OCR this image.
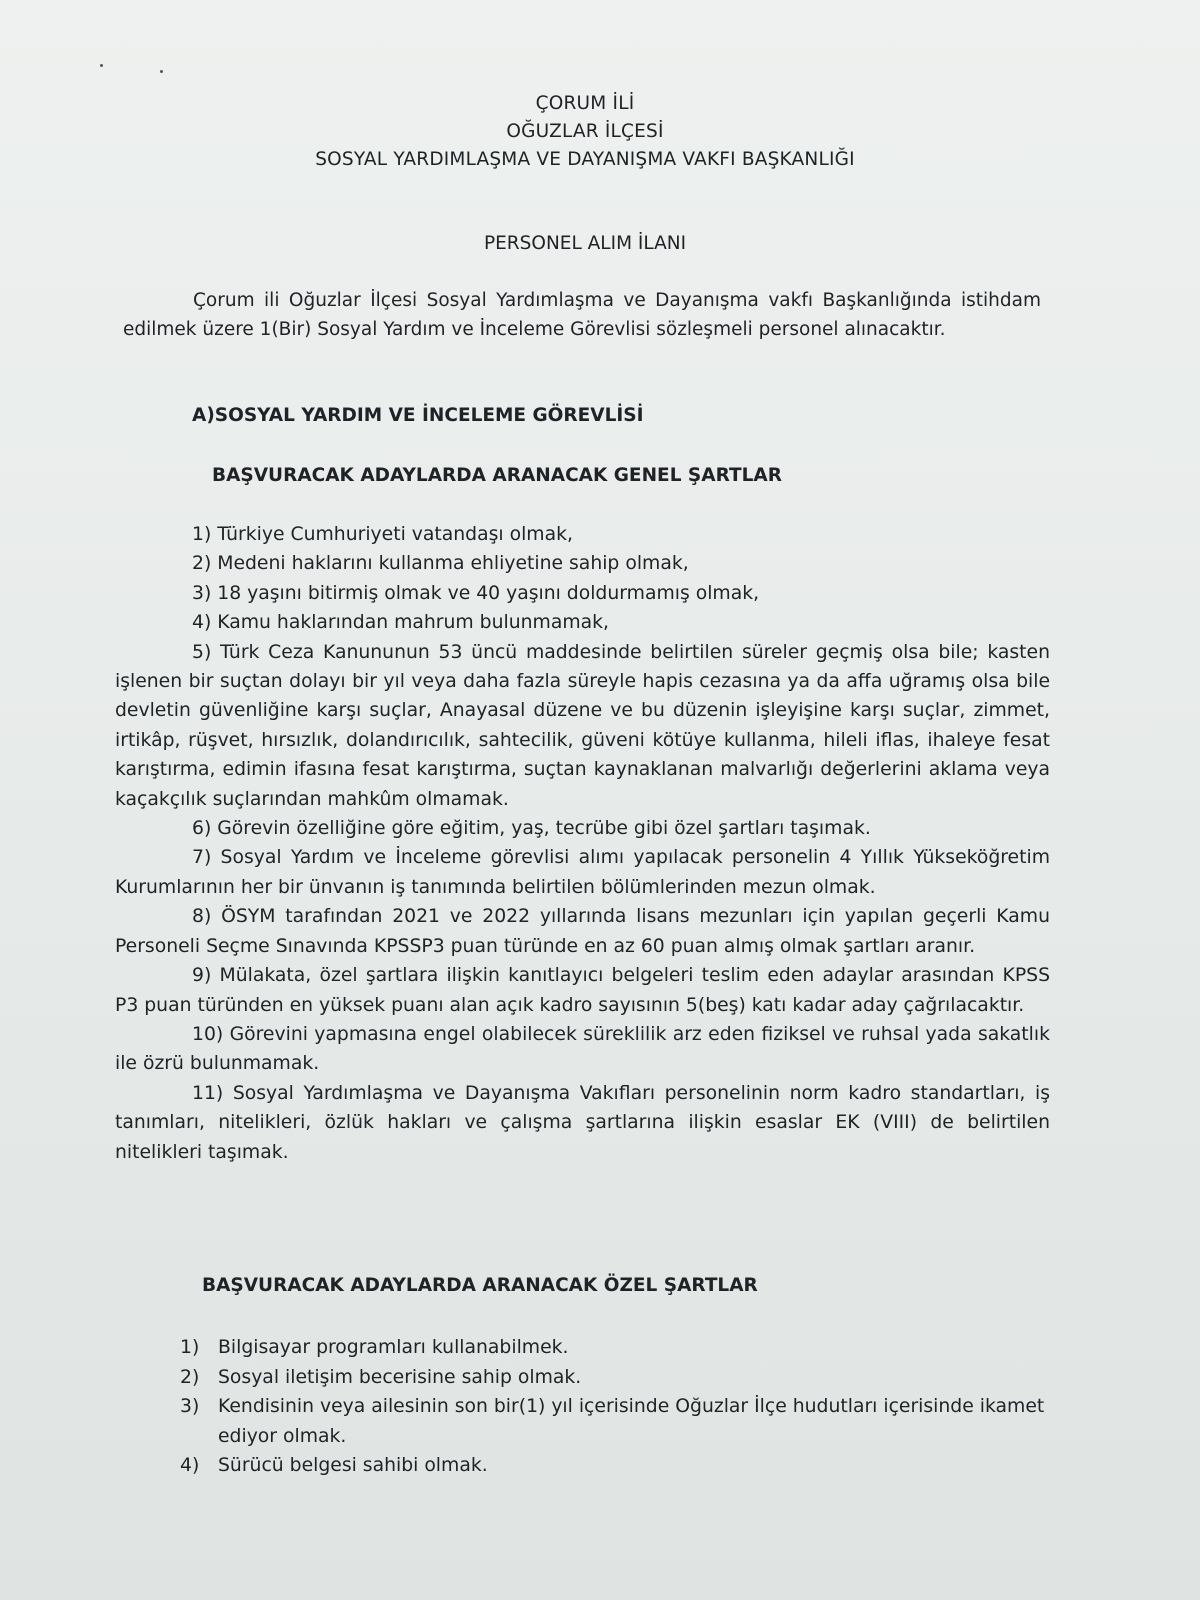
ÇORUM İLİ
OĞUZLAR İLÇESİ
SOSYAL YARDIMLAŞMA VE DAYANIŞMA VAKFI BAŞKANLIĞI
PERSONEL ALIM İLANI

Çorum ili Oğuzlar İlçesi Sosyal Yardımlaşma ve Dayanışma vakfı Başkanlığında istihdam edilmek üzere 1(Bir) Sosyal Yardım ve İnceleme Görevlisi sözleşmeli personel alınacaktır.

A)SOSYAL YARDIM VE İNCELEME GÖREVLİSİ
BAŞVURACAK ADAYLARDA ARANACAK GENEL ŞARTLAR
1) Türkiye Cumhuriyeti vatandaşı olmak,
2) Medeni haklarını kullanma ehliyetine sahip olmak,
3) 18 yaşını bitirmiş olmak ve 40 yaşını doldurmamış olmak,
4) Kamu haklarından mahrum bulunmamak,
5) Türk Ceza Kanununun 53 üncü maddesinde belirtilen süreler geçmiş olsa bile; kasten işlenen bir suçtan dolayı bir yıl veya daha fazla süreyle hapis cezasına ya da affa uğramış olsa bile devletin güvenliğine karşı suçlar, Anayasal düzene ve bu düzenin işleyişine karşı suçlar, zimmet, irtikâp, rüşvet, hırsızlık, dolandırıcılık, sahtecilik, güveni kötüye kullanma, hileli iflas, ihaleye fesat karıştırma, edimin ifasına fesat karıştırma, suçtan kaynaklanan malvarlığı değerlerini aklama veya kaçakçılık suçlarından mahkûm olmamak.
6) Görevin özelliğine göre eğitim, yaş, tecrübe gibi özel şartları taşımak.
7) Sosyal Yardım ve İnceleme görevlisi alımı yapılacak personelin 4 Yıllık Yükseköğretim Kurumlarının her bir ünvanın iş tanımında belirtilen bölümlerinden mezun olmak.
8) ÖSYM tarafından 2021 ve 2022 yıllarında lisans mezunları için yapılan geçerli Kamu Personeli Seçme Sınavında KPSSP3 puan türünde en az 60 puan almış olmak şartları aranır.
9) Mülakata, özel şartlara ilişkin kanıtlayıcı belgeleri teslim eden adaylar arasından KPSS P3 puan türünden en yüksek puanı alan açık kadro sayısının 5(beş) katı kadar aday çağrılacaktır.
10) Görevini yapmasına engel olabilecek süreklilik arz eden fiziksel ve ruhsal yada sakatlık ile özrü bulunmamak.
11) Sosyal Yardımlaşma ve Dayanışma Vakıfları personelinin norm kadro standartları, iş tanımları, nitelikleri, özlük hakları ve çalışma şartlarına ilişkin esaslar EK (VIII) de belirtilen nitelikleri taşımak.
BAŞVURACAK ADAYLARDA ARANACAK ÖZEL ŞARTLAR
1) Bilgisayar programları kullanabilmek.
2) Sosyal iletişim becerisine sahip olmak.
3) Kendisinin veya ailesinin son bir(1) yıl içerisinde Oğuzlar İlçe hudutları içerisinde ikamet ediyor olmak.
4) Sürücü belgesi sahibi olmak.
